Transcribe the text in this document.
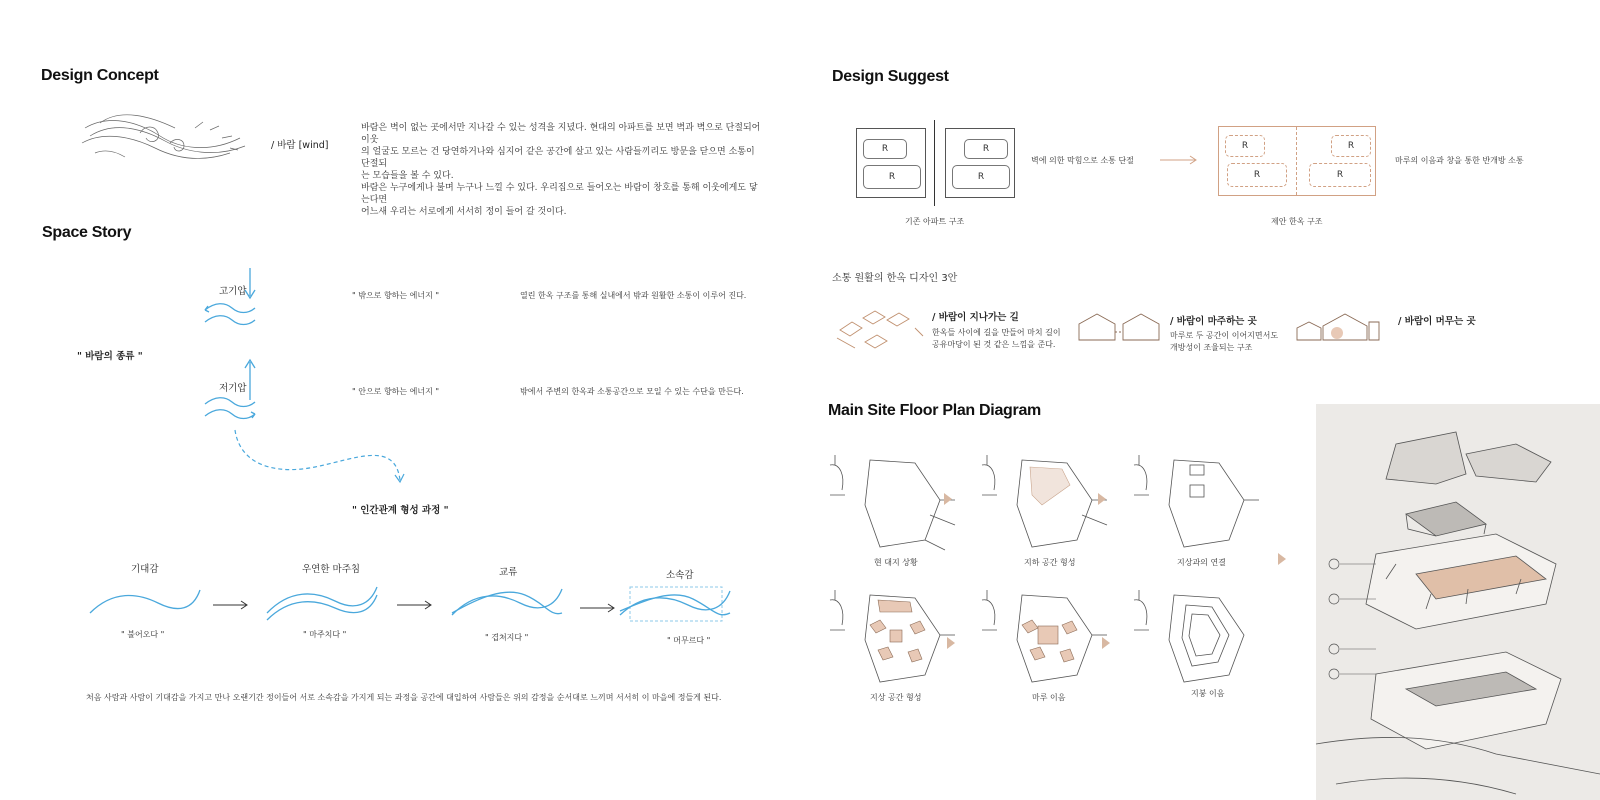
Design Concept
/ 바람 [wind]
바람은 벽이 없는 곳에서만 지나갈 수 있는 성격을 지녔다. 현대의 아파트를 보면 벽과 벽으로 단절되어 이웃
의 얼굴도 모르는 건 당연하거나와 심지어 같은 공간에 살고 있는 사람들끼리도 방문을 닫으면 소통이 단절되
는 모습들을 볼 수 있다.
바람은 누구에게나 불며 누구나 느낄 수 있다. 우리집으로 들어오는 바람이 창호를 통해 이웃에게도 닿는다면
어느새 우리는 서로에게 서서히 정이 들어 갈 것이다.
Space Story
고기압	" 밖으로 향하는 에너지 "	열린 한옥 구조를 통해 실내에서 밖과 원활한 소통이 이루어 진다.
" 바람의 종류 "
저기압	" 안으로 향하는 에너지 "	밖에서 주변의 한옥과 소통공간으로 모일 수 있는 수단을 만든다.
" 인간관계 형성 과정 "
기대감
" 불어오다 "
우연한 마주침
" 마주치다 "
교류
" 겹쳐지다 "
소속감
" 머무르다 "
처음 사람과 사람이 기대감을 가지고 만나 오랜기간 정이들어 서로 소속감을 가지게 되는 과정을 공간에 대입하여 사람들은 위의 감정을 순서대로 느끼며 서서히 이 마을에 정들게 된다.
Design Suggest
R
R
R
R
기존 아파트 구조
벽에 의한 막힘으로 소통 단절
R
R
R
R
제안 한옥 구조
마루의 이음과 창을 통한 반개방 소통
소통 원활의 한옥 디자인 3안
/ 바람이 지나가는 길
한옥들 사이에 길을 만들어 마치 길이
공유마당이 된 것 같은 느낌을 준다.
/ 바람이 마주하는 곳
마루로 두 공간이 이어지면서도
개방성이 조율되는 구조
/ 바람이 머무는 곳
Main Site Floor Plan Diagram
현 대지 상황	지하 공간 형성	지상과의 연결
지상 공간 형성	마루 이음	지붕 이음
